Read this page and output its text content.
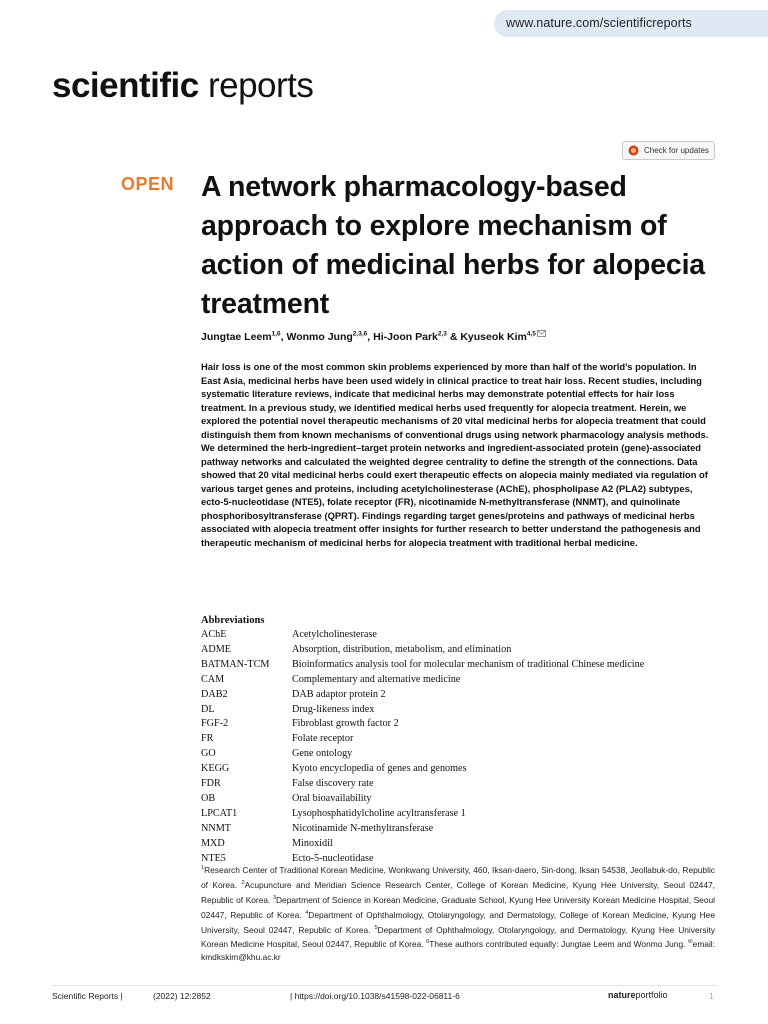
www.nature.com/scientificreports
scientific reports
Check for updates
OPEN A network pharmacology-based approach to explore mechanism of action of medicinal herbs for alopecia treatment
Jungtae Leem$^{1,6}$, Wonmo Jung$^{2,3,6}$, Hi-Joon Park$^{2,3}$ & Kyuseok Kim$^{4,5}$

Hair loss is one of the most common skin problems experienced by more than half of the world’s population. In East Asia, medicinal herbs have been used widely in clinical practice to treat hair loss. Recent studies, including systematic literature reviews, indicate that medicinal herbs may demonstrate potential effects for hair loss treatment. In a previous study, we identified medical herbs used frequently for alopecia treatment. Herein, we explored the potential novel therapeutic mechanisms of 20 vital medicinal herbs for alopecia treatment that could distinguish them from known mechanisms of conventional drugs using network pharmacology analysis methods. We determined the herb-ingredient–target protein networks and ingredient-associated protein (gene)-associated pathway networks and calculated the weighted degree centrality to define the strength of the connections. Data showed that 20 vital medicinal herbs could exert therapeutic effects on alopecia mainly mediated via regulation of various target genes and proteins, including acetylcholinesterase (AChE), phospholipase A2 (PLA2) subtypes, ecto-5-nucleotidase (NTE5), folate receptor (FR), nicotinamide N-methyltransferase (NNMT), and quinolinate phosphoribosyltransferase (QPRT). Findings regarding target genes/proteins and pathways of medicinal herbs associated with alopecia treatment offer insights for further research to better understand the pathogenesis and therapeutic mechanism of medicinal herbs for alopecia treatment with traditional herbal medicine.

Abbreviations
AChE	Acetylcholinesterase
ADME	Absorption, distribution, metabolism, and elimination
BATMAN-TCM	Bioinformatics analysis tool for molecular mechanism of traditional Chinese medicine
CAM	Complementary and alternative medicine
DAB2	DAB adaptor protein 2
DL	Drug-likeness index
FGF-2	Fibroblast growth factor 2
FR	Folate receptor
GO	Gene ontology
KEGG	Kyoto encyclopedia of genes and genomes
FDR	False discovery rate
OB	Oral bioavailability
LPCAT1	Lysophosphatidylcholine acyltransferase 1
NNMT	Nicotinamide N-methyltransferase
MXD	Minoxidil
NTE5	Ecto-5-nucleotidase

$^1$Research Center of Traditional Korean Medicine, Wonkwang University, 460, Iksan-daero, Sin-dong, Iksan 54538, Jeollabuk-do, Republic of Korea. $^2$Acupuncture and Meridian Science Research Center, College of Korean Medicine, Kyung Hee University, Seoul 02447, Republic of Korea. $^3$Department of Science in Korean Medicine, Graduate School, Kyung Hee University Korean Medicine Hospital, Seoul 02447, Republic of Korea. $^4$Department of Ophthalmology, Otolaryngology, and Dermatology, College of Korean Medicine, Kyung Hee University, Seoul 02447, Republic of Korea. $^5$Department of Ophthalmology, Otolaryngology, and Dermatology, Kyung Hee University Korean Medicine Hospital, Seoul 02447, Republic of Korea. $^6$These authors contributed equally: Jungtae Leem and Wonmo Jung. ✉email: kmdkskim@khu.ac.kr

Scientific Reports |	(2022) 12:2852	| https://doi.org/10.1038/s41598-022-06811-6	natureportfolio	1
